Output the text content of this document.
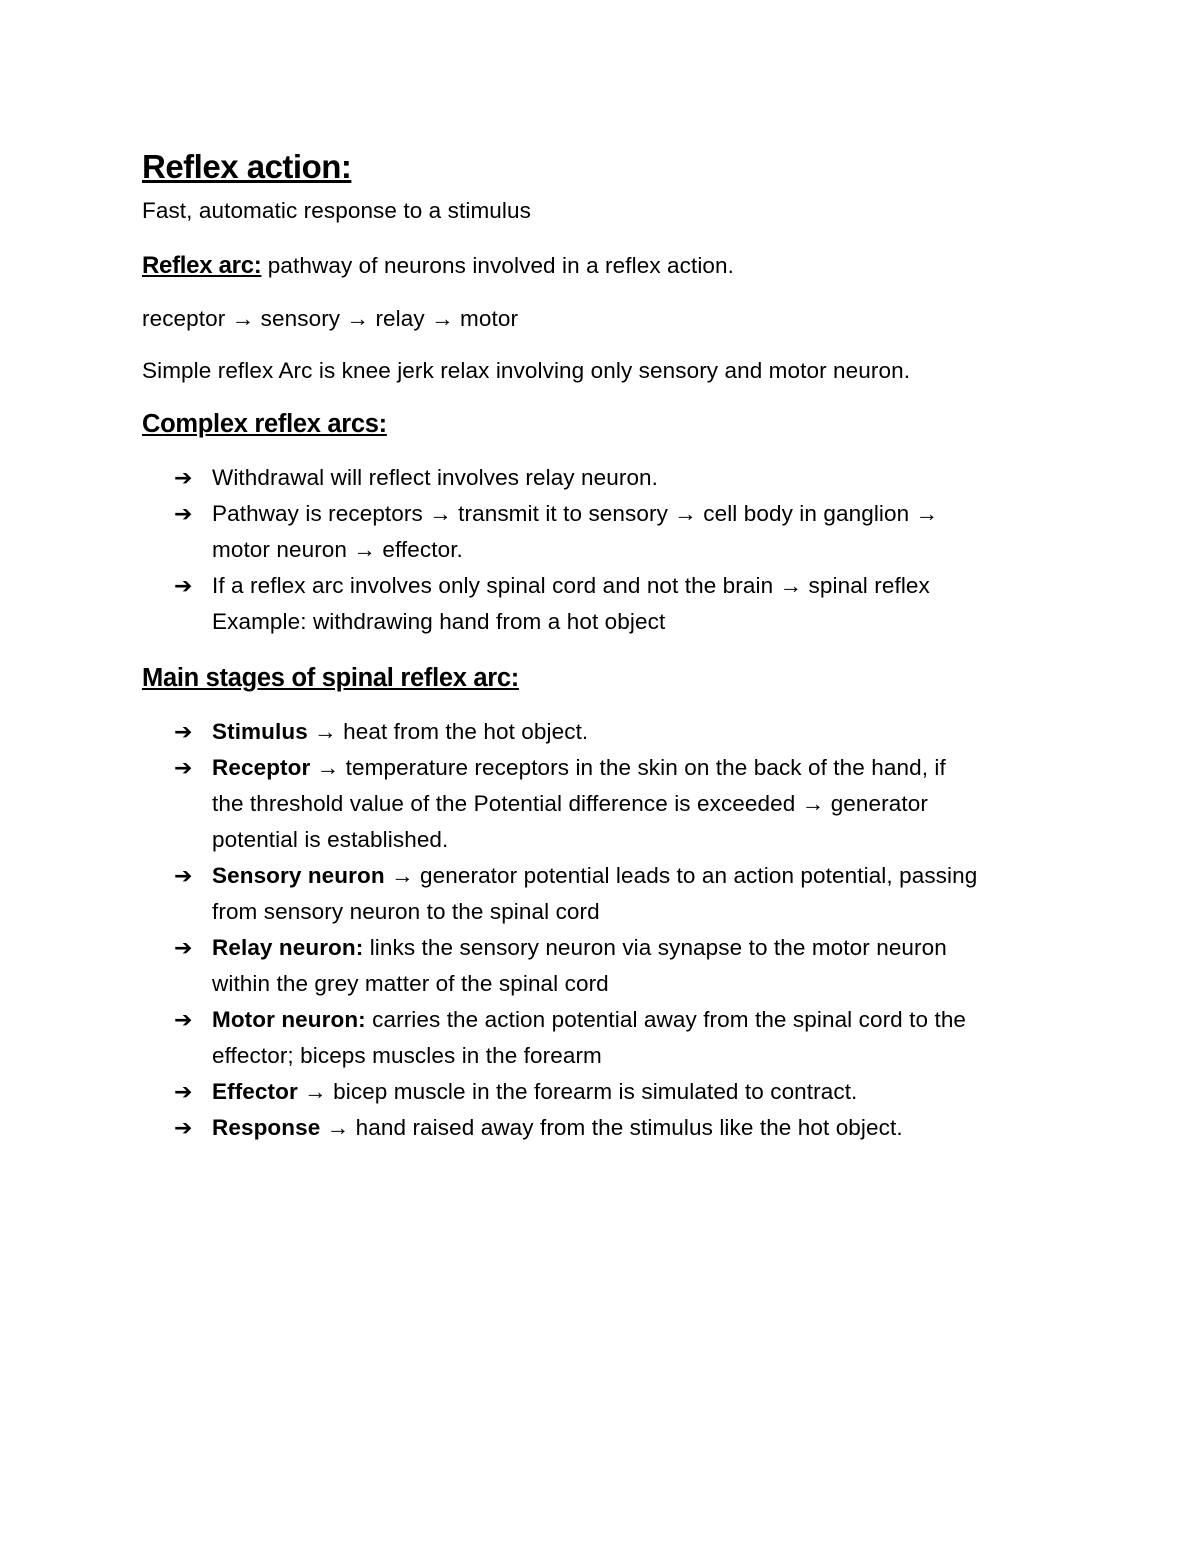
Reflex action:

Fast, automatic response to a stimulus

Reflex arc: pathway of neurons involved in a reflex action.

receptor → sensory → relay → motor

Simple reflex Arc is knee jerk relax involving only sensory and motor neuron.

Complex reflex arcs:
➔ Withdrawal will reflect involves relay neuron.
➔ Pathway is receptors → transmit it to sensory → cell body in ganglion →
motor neuron → effector.
➔ If a reflex arc involves only spinal cord and not the brain → spinal reflex
Example: withdrawing hand from a hot object
Main stages of spinal reflex arc:
➔ Stimulus → heat from the hot object.
➔ Receptor → temperature receptors in the skin on the back of the hand, if
the threshold value of the Potential difference is exceeded → generator
potential is established.
➔ Sensory neuron → generator potential leads to an action potential, passing
from sensory neuron to the spinal cord
➔ Relay neuron: links the sensory neuron via synapse to the motor neuron
within the grey matter of the spinal cord
➔ Motor neuron: carries the action potential away from the spinal cord to the
effector; biceps muscles in the forearm
➔ Effector → bicep muscle in the forearm is simulated to contract.
➔ Response → hand raised away from the stimulus like the hot object.
